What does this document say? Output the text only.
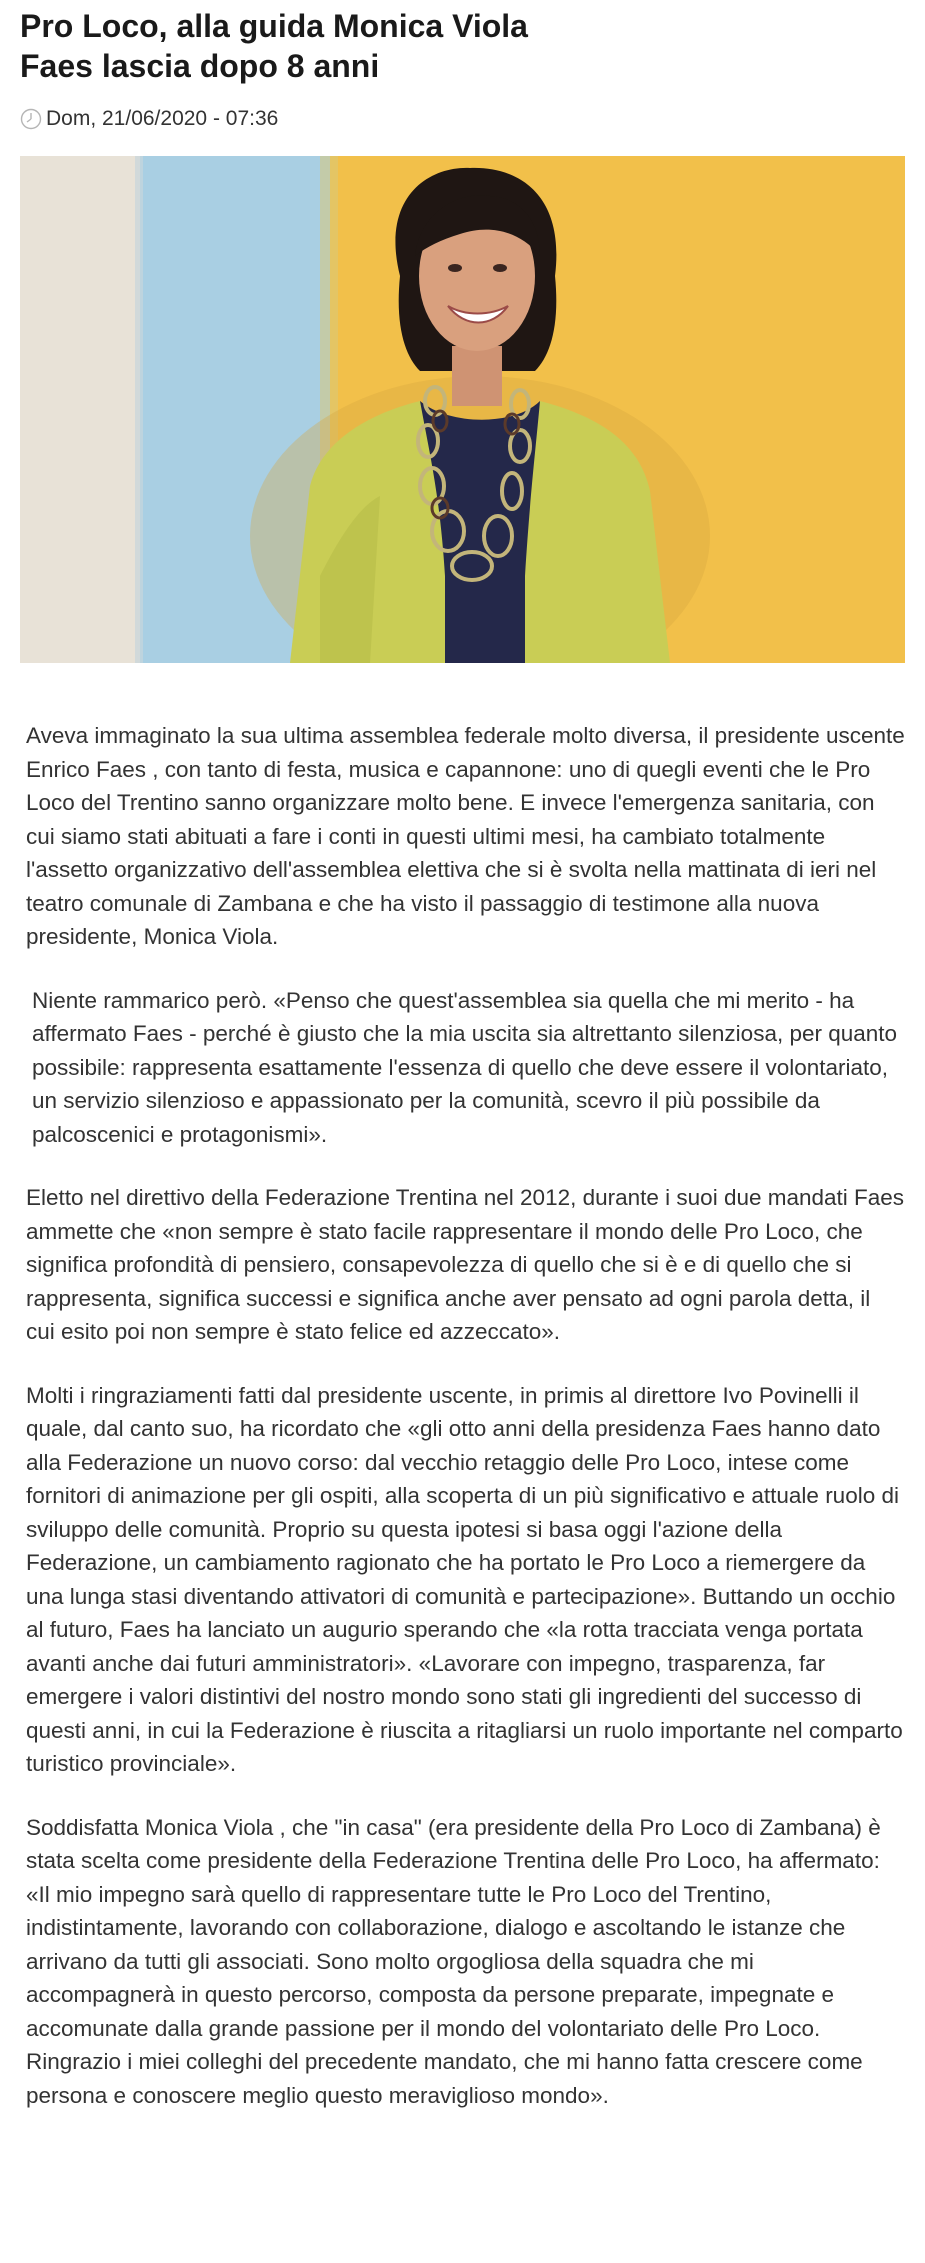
Pro Loco, alla guida Monica Viola
Faes lascia dopo 8 anni
Dom, 21/06/2020 - 07:36

Aveva immaginato la sua ultima assemblea federale molto diversa, il presidente uscente Enrico Faes , con tanto di festa, musica e capannone: uno di quegli eventi che le Pro Loco del Trentino sanno organizzare molto bene. E invece l'emergenza sanitaria, con cui siamo stati abituati a fare i conti in questi ultimi mesi, ha cambiato totalmente l'assetto organizzativo dell'assemblea elettiva che si è svolta nella mattinata di ieri nel teatro comunale di Zambana e che ha visto il passaggio di testimone alla nuova presidente, Monica Viola.

Niente rammarico però. «Penso che quest'assemblea sia quella che mi merito - ha affermato Faes - perché è giusto che la mia uscita sia altrettanto silenziosa, per quanto possibile: rappresenta esattamente l'essenza di quello che deve essere il volontariato, un servizio silenzioso e appassionato per la comunità, scevro il più possibile da palcoscenici e protagonismi».

Eletto nel direttivo della Federazione Trentina nel 2012, durante i suoi due mandati Faes ammette che «non sempre è stato facile rappresentare il mondo delle Pro Loco, che significa profondità di pensiero, consapevolezza di quello che si è e di quello che si rappresenta, significa successi e significa anche aver pensato ad ogni parola detta, il cui esito poi non sempre è stato felice ed azzeccato».

Molti i ringraziamenti fatti dal presidente uscente, in primis al direttore Ivo Povinelli il quale, dal canto suo, ha ricordato che «gli otto anni della presidenza Faes hanno dato alla Federazione un nuovo corso: dal vecchio retaggio delle Pro Loco, intese come fornitori di animazione per gli ospiti, alla scoperta di un più significativo e attuale ruolo di sviluppo delle comunità. Proprio su questa ipotesi si basa oggi l'azione della Federazione, un cambiamento ragionato che ha portato le Pro Loco a riemergere da una lunga stasi diventando attivatori di comunità e partecipazione». Buttando un occhio al futuro, Faes ha lanciato un augurio sperando che «la rotta tracciata venga portata avanti anche dai futuri amministratori». «Lavorare con impegno, trasparenza, far emergere i valori distintivi del nostro mondo sono stati gli ingredienti del successo di questi anni, in cui la Federazione è riuscita a ritagliarsi un ruolo importante nel comparto turistico provinciale».

Soddisfatta Monica Viola , che "in casa" (era presidente della Pro Loco di Zambana) è stata scelta come presidente della Federazione Trentina delle Pro Loco, ha affermato: «Il mio impegno sarà quello di rappresentare tutte le Pro Loco del Trentino, indistintamente, lavorando con collaborazione, dialogo e ascoltando le istanze che arrivano da tutti gli associati. Sono molto orgogliosa della squadra che mi accompagnerà in questo percorso, composta da persone preparate, impegnate e accomunate dalla grande passione per il mondo del volontariato delle Pro Loco. Ringrazio i miei colleghi del precedente mandato, che mi hanno fatta crescere come persona e conoscere meglio questo meraviglioso mondo».
